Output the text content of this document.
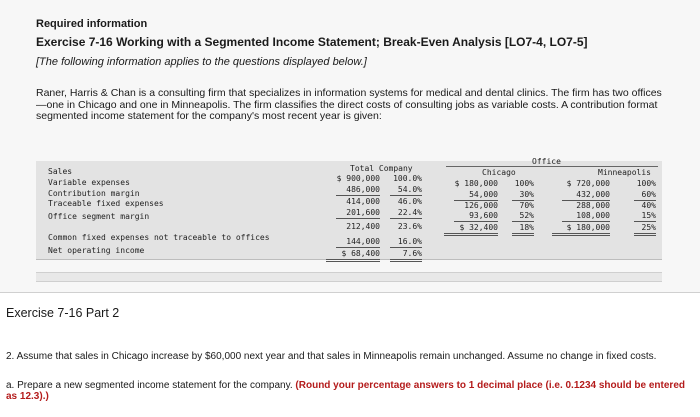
Required information
Exercise 7-16 Working with a Segmented Income Statement; Break-Even Analysis [LO7-4, LO7-5]
[The following information applies to the questions displayed below.]
Raner, Harris & Chan is a consulting firm that specializes in information systems for medical and dental clinics. The firm has two offices—one in Chicago and one in Minneapolis. The firm classifies the direct costs of consulting jobs as variable costs. A contribution format segmented income statement for the company's most recent year is given:
Office
Total Company	Chicago	Minneapolis
Sales
Variable expenses
Contribution margin
Traceable fixed expenses
Office segment margin
Common fixed expenses not traceable to offices
Net operating income
$ 900,000
486,000
414,000
201,600
212,400
144,000
$ 68,400
100.0%
54.0%
46.0%
22.4%
23.6%
16.0%
7.6%
$ 180,000
54,000
126,000
93,600
$ 32,400
100%
30%
70%
52%
18%
$ 720,000
432,000
288,000
108,000
$ 180,000
100%
60%
40%
15%
25%
Exercise 7-16 Part 2
2. Assume that sales in Chicago increase by $60,000 next year and that sales in Minneapolis remain unchanged. Assume no change in fixed costs.
a. Prepare a new segmented income statement for the company. (Round your percentage answers to 1 decimal place (i.e. 0.1234 should be entered as 12.3).)
